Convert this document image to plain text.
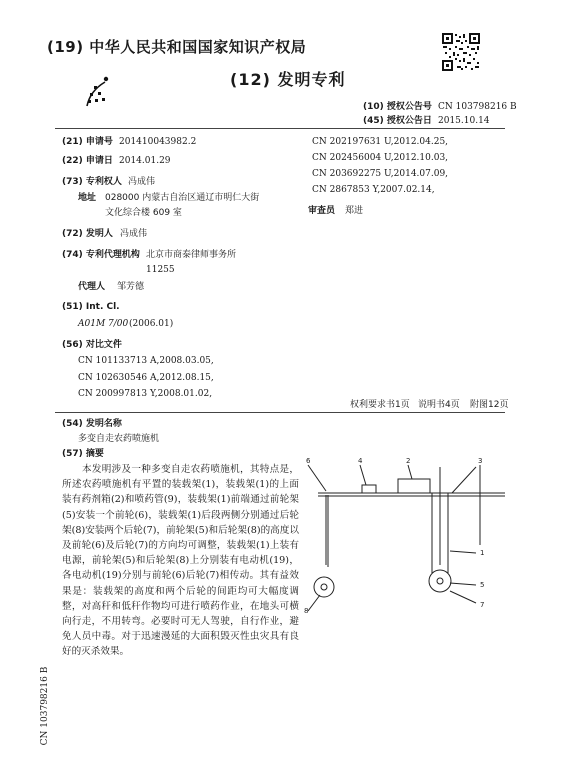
(19) 中华人民共和国国家知识产权局
(12) 发明专利
(10) 授权公告号 CN 103798216 B
(45) 授权公告日 2015.10.14
(21) 申请号 201410043982.2
(22) 申请日 2014.01.29
(73) 专利权人 冯成伟
地址 028000 内蒙古自治区通辽市明仁大街
文化综合楼 609 室
(72) 发明人 冯成伟
(74) 专利代理机构 北京市商泰律师事务所
11255
代理人 邹芳德
(51) Int. Cl.
A01M 7/00 (2006.01)
(56) 对比文件
CN 101133713 A,2008.03.05,
CN 102630546 A,2012.08.15,
CN 200997813 Y,2008.01.02,
CN 202197631 U,2012.04.25,
CN 202456004 U,2012.10.03,
CN 203692275 U,2014.07.09,
CN 2867853 Y,2007.02.14,
审查员 郑进
权利要求书1页 说明书4页 附图12页
(54) 发明名称
多变自走农药喷施机
(57) 摘要
本发明涉及一种多变自走农药喷施机，其特点是，所述农药喷施机有平置的装载架(1)，装载架(1)的上面装有药剂箱(2)和喷药管(9)，装载架(1)前端通过前轮架(5)安装一个前轮(6)，装载架(1)后段两侧分别通过后轮架(8)安装两个后轮(7)，前轮架(5)和后轮架(8)的高度以及前轮(6)及后轮(7)的方向均可调整，装载架(1)上装有电源，前轮架(5)和后轮架(8)上分别装有电动机(19)，各电动机(19)分别与前轮(6)后轮(7)相传动。其有益效果是：装载架的高度和两个后轮的间距均可大幅度调整，对高秆和低秆作物均可进行喷药作业，在地头可横向行走，不用转弯。必要时可无人驾驶，自行作业，避免人员中毒。对于迅速漫延的大面积毁灭性虫灾具有良好的灭杀效果。
6	4	2	3
1
5
7
8
CN 103798216 B
